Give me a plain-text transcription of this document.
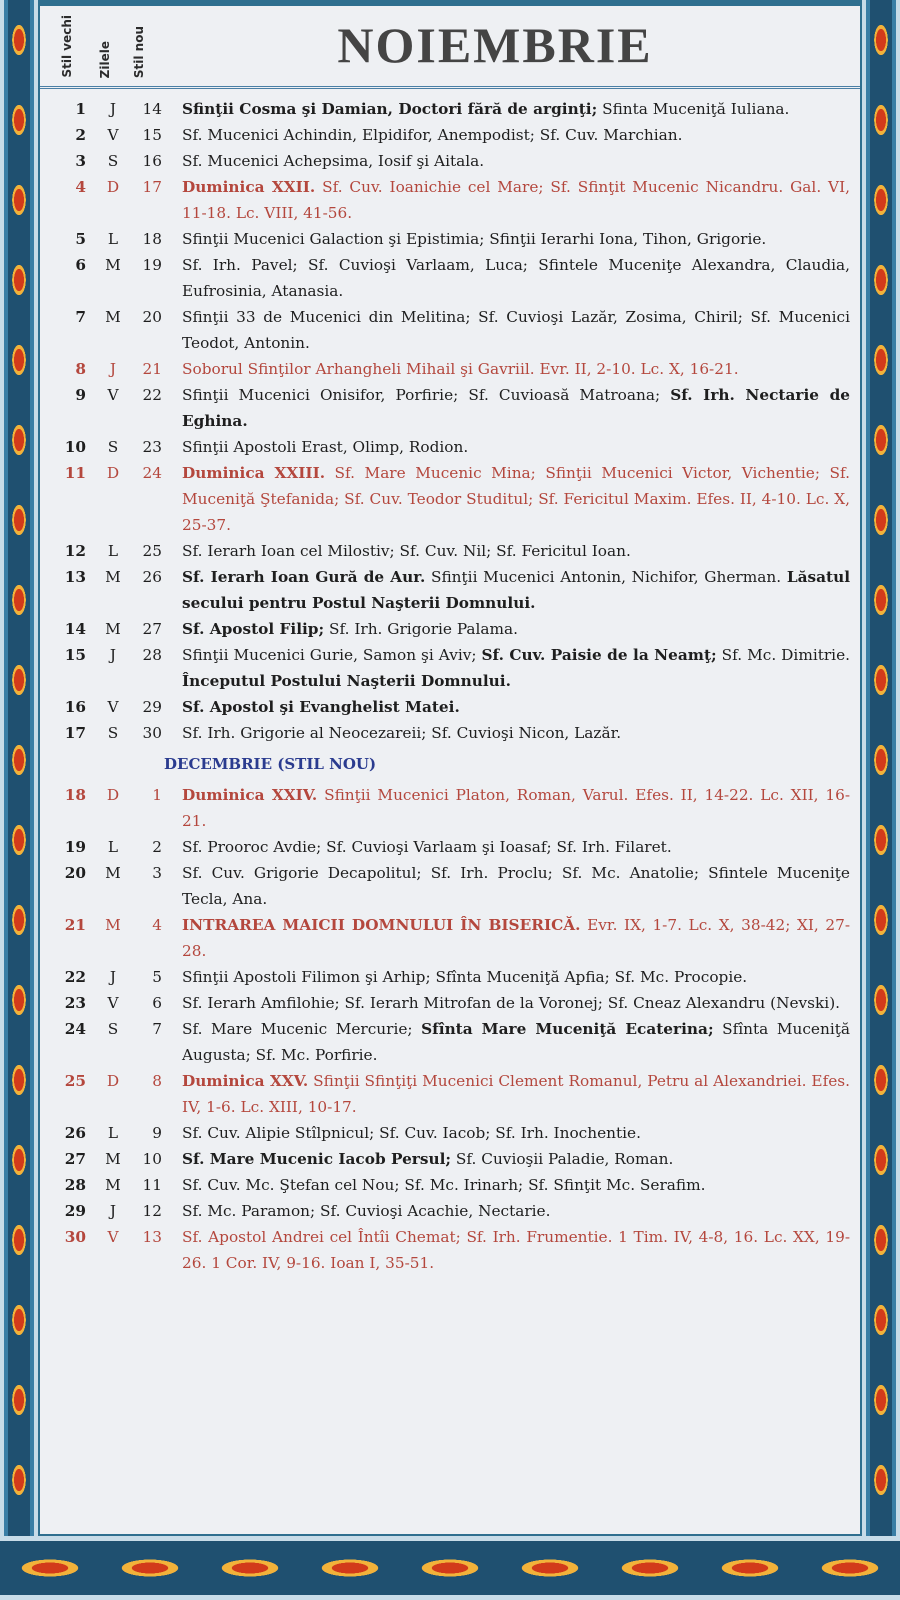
Stil vechi Zilele Stil nou	NOIEMBRIE
1	J	14 Sfinţii Cosma şi Damian, Doctori fără de arginţi; Sfinta Muceniţă Iuliana.
2	V	15 Sf. Mucenici Achindin, Elpidifor, Anempodist; Sf. Cuv. Marchian.
3	S	16 Sf. Mucenici Achepsima, Iosif şi Aitala.
4	D	17 Duminica XXII. Sf. Cuv. Ioanichie cel Mare; Sf. Sfinţit Mucenic Nicandru. Gal. VI, 11-18. Lc. VIII, 41-56.
5	L	18 Sfinţii Mucenici Galaction şi Epistimia; Sfinţii Ierarhi Iona, Tihon, Grigorie.
6	M	19 Sf. Irh. Pavel; Sf. Cuvioşi Varlaam, Luca; Sfintele Muceniţe Alexandra, Claudia, Eufrosinia, Atanasia.
7	M	20 Sfinţii 33 de Mucenici din Melitina; Sf. Cuvioşi Lazăr, Zosima, Chiril; Sf. Mucenici Teodot, Antonin.
8	J	21 Soborul Sfinţilor Arhangheli Mihail şi Gavriil. Evr. II, 2-10. Lc. X, 16-21.
9	V	22 Sfinţii Mucenici Onisifor, Porfirie; Sf. Cuvioasă Matroana; Sf. Irh. Nectarie de Eghina.
10	S	23 Sfinţii Apostoli Erast, Olimp, Rodion.
11	D	24 Duminica XXIII. Sf. Mare Mucenic Mina; Sfinţii Mucenici Victor, Vichentie; Sf. Muceniţă Ştefanida; Sf. Cuv. Teodor Studitul; Sf. Fericitul Maxim. Efes. II, 4-10. Lc. X, 25-37.
12	L	25 Sf. Ierarh Ioan cel Milostiv; Sf. Cuv. Nil; Sf. Fericitul Ioan.
13	M	26 Sf. Ierarh Ioan Gură de Aur. Sfinţii Mucenici Antonin, Nichifor, Gherman. Lăsatul secului pentru Postul Naşterii Domnului.
14	M	27 Sf. Apostol Filip; Sf. Irh. Grigorie Palama.
15	J	28 Sfinţii Mucenici Gurie, Samon şi Aviv; Sf. Cuv. Paisie de la Neamţ; Sf. Mc. Dimitrie. Începutul Postului Naşterii Domnului.
16	V	29 Sf. Apostol şi Evanghelist Matei.
17	S	30 Sf. Irh. Grigorie al Neocezareii; Sf. Cuvioşi Nicon, Lazăr.
DECEMBRIE (STIL NOU)
18	D	1 Duminica XXIV. Sfinţii Mucenici Platon, Roman, Varul. Efes. II, 14-22. Lc. XII, 16-21.
19	L	2 Sf. Prooroc Avdie; Sf. Cuvioşi Varlaam şi Ioasaf; Sf. Irh. Filaret.
20	M	3 Sf. Cuv. Grigorie Decapolitul; Sf. Irh. Proclu; Sf. Mc. Anatolie; Sfintele Muceniţe Tecla, Ana.
21	M	4 INTRAREA MAICII DOMNULUI ÎN BISERICĂ. Evr. IX, 1-7. Lc. X, 38-42; XI, 27-28.
22	J	5 Sfinţii Apostoli Filimon şi Arhip; Sfînta Muceniţă Apfia; Sf. Mc. Procopie.
23	V	6 Sf. Ierarh Amfilohie; Sf. Ierarh Mitrofan de la Voronej; Sf. Cneaz Alexandru (Nevski).
24	S	7 Sf. Mare Mucenic Mercurie; Sfînta Mare Muceniţă Ecaterina; Sfînta Muceniţă Augusta; Sf. Mc. Porfirie.
25	D	8 Duminica XXV. Sfinţii Sfinţiţi Mucenici Clement Romanul, Petru al Alexandriei. Efes. IV, 1-6. Lc. XIII, 10-17.
26	L	9 Sf. Cuv. Alipie Stîlpnicul; Sf. Cuv. Iacob; Sf. Irh. Inochentie.
27	M	10 Sf. Mare Mucenic Iacob Persul; Sf. Cuvioşii Paladie, Roman.
28	M	11 Sf. Cuv. Mc. Ştefan cel Nou; Sf. Mc. Irinarh; Sf. Sfinţit Mc. Serafim.
29	J	12 Sf. Mc. Paramon; Sf. Cuvioşi Acachie, Nectarie.
30	V	13 Sf. Apostol Andrei cel Întîi Chemat; Sf. Irh. Frumentie. 1 Tim. IV, 4-8, 16. Lc. XX, 19-26. 1 Cor. IV, 9-16. Ioan I, 35-51.
